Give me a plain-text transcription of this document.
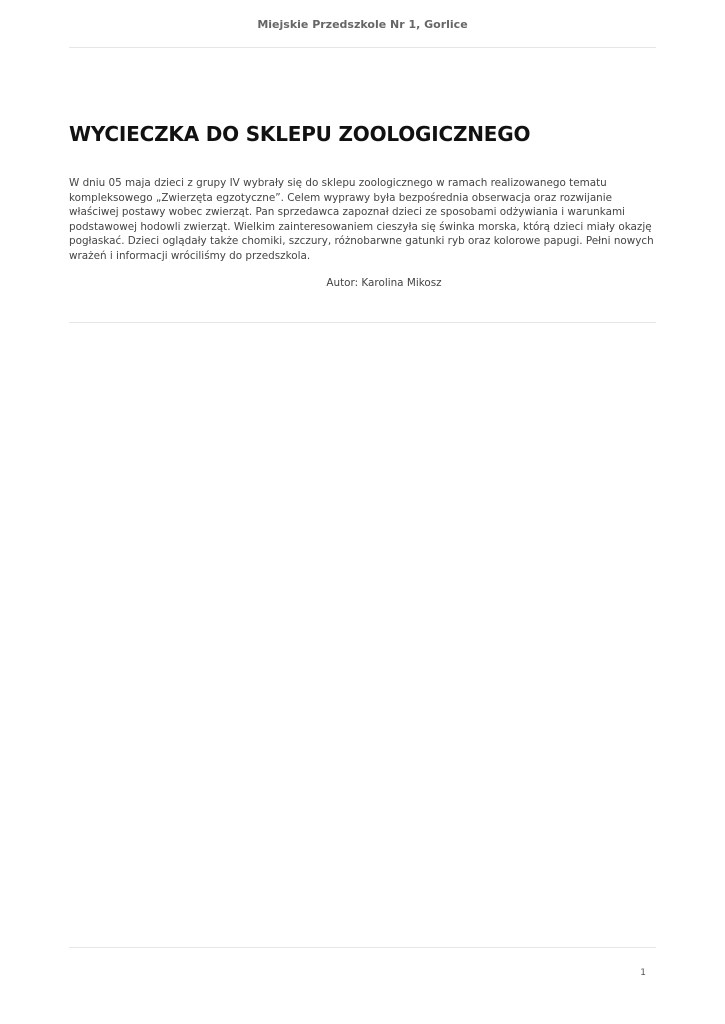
Miejskie Przedszkole Nr 1, Gorlice
WYCIECZKA DO SKLEPU ZOOLOGICZNEGO

W dniu 05 maja dzieci z grupy IV wybrały się do sklepu zoologicznego w ramach realizowanego tematu kompleksowego „Zwierzęta egzotyczne”. Celem wyprawy była bezpośrednia obserwacja oraz rozwijanie właściwej postawy wobec zwierząt. Pan sprzedawca zapoznał dzieci ze sposobami odżywiania i warunkami podstawowej hodowli zwierząt. Wielkim zainteresowaniem cieszyła się świnka morska, którą dzieci miały okazję pogłaskać. Dzieci oglądały także chomiki, szczury, różnobarwne gatunki ryb oraz kolorowe papugi. Pełni nowych wrażeń i informacji wróciliśmy do przedszkola.

Autor: Karolina Mikosz
1
